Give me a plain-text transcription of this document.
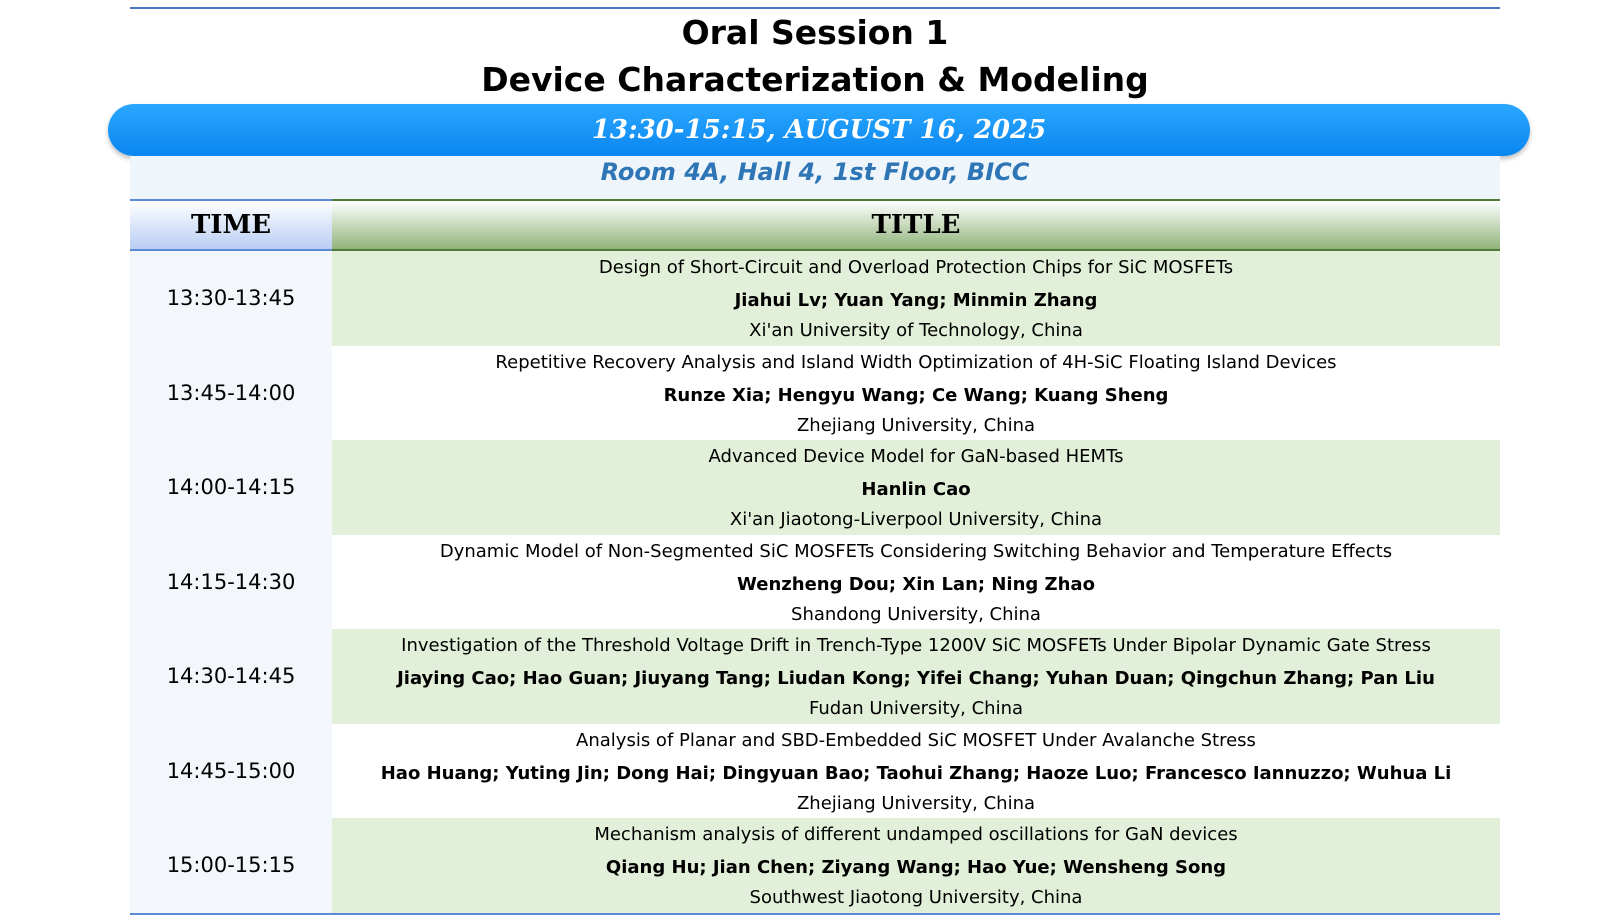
Oral Session 1
Device Characterization & Modeling
13:30-15:15, AUGUST 16, 2025
Room 4A, Hall 4, 1st Floor, BICC
TIME	TITLE
13:30-13:45	Design of Short-Circuit and Overload Protection Chips for SiC MOSFETs
Jiahui Lv; Yuan Yang; Minmin Zhang
Xi'an University of Technology, China

13:45-14:00	Repetitive Recovery Analysis and Island Width Optimization of 4H-SiC Floating Island Devices
Runze Xia; Hengyu Wang; Ce Wang; Kuang Sheng
Zhejiang University, China

14:00-14:15	Advanced Device Model for GaN-based HEMTs
Hanlin Cao
Xi'an Jiaotong-Liverpool University, China

14:15-14:30	Dynamic Model of Non-Segmented SiC MOSFETs Considering Switching Behavior and Temperature Effects
Wenzheng Dou; Xin Lan; Ning Zhao
Shandong University, China

14:30-14:45	Investigation of the Threshold Voltage Drift in Trench-Type 1200V SiC MOSFETs Under Bipolar Dynamic Gate Stress
Jiaying Cao; Hao Guan; Jiuyang Tang; Liudan Kong; Yifei Chang; Yuhan Duan; Qingchun Zhang; Pan Liu
Fudan University, China

14:45-15:00	Analysis of Planar and SBD-Embedded SiC MOSFET Under Avalanche Stress
Hao Huang; Yuting Jin; Dong Hai; Dingyuan Bao; Taohui Zhang; Haoze Luo; Francesco Iannuzzo; Wuhua Li
Zhejiang University, China

15:00-15:15	Mechanism analysis of different undamped oscillations for GaN devices
Qiang Hu; Jian Chen; Ziyang Wang; Hao Yue; Wensheng Song
Southwest Jiaotong University, China
